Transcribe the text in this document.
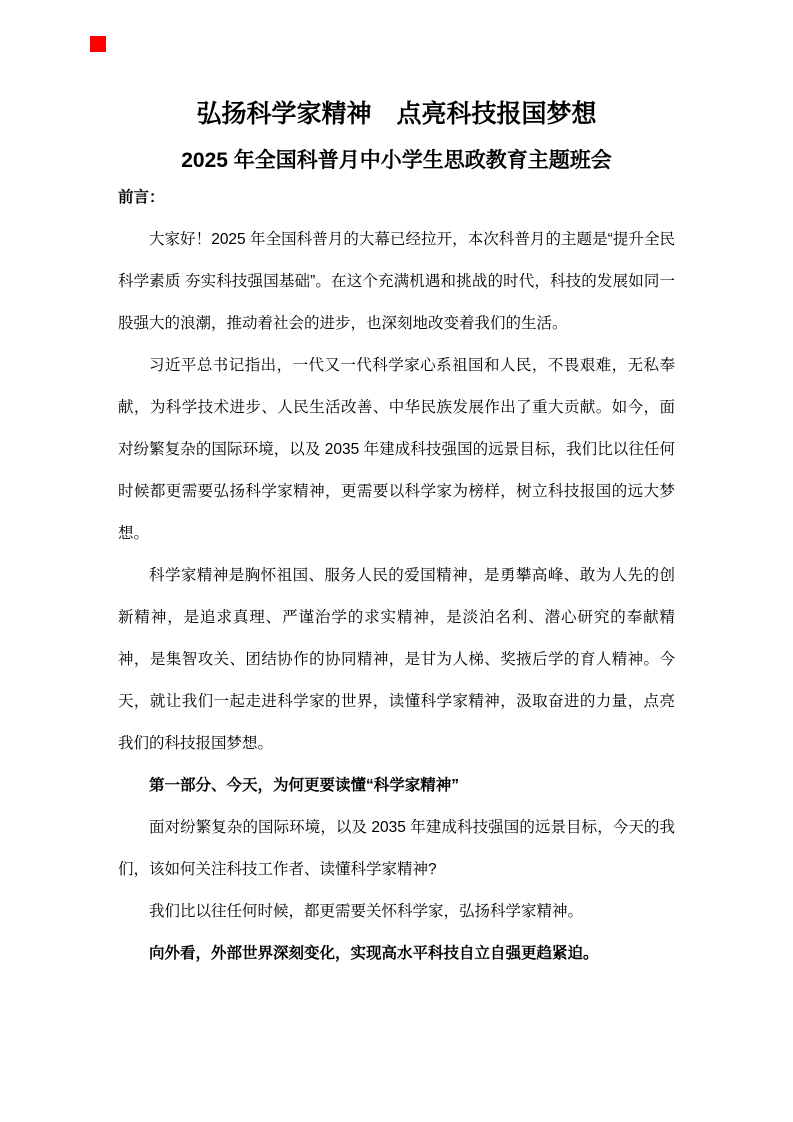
弘扬科学家精神　点亮科技报国梦想
2025 年全国科普月中小学生思政教育主题班会

前言：

大家好！2025 年全国科普月的大幕已经拉开，本次科普月的主题是“提升全民科学素质 夯实科技强国基础”。在这个充满机遇和挑战的时代，科技的发展如同一股强大的浪潮，推动着社会的进步，也深刻地改变着我们的生活。

习近平总书记指出，一代又一代科学家心系祖国和人民，不畏艰难，无私奉献，为科学技术进步、人民生活改善、中华民族发展作出了重大贡献。如今，面对纷繁复杂的国际环境，以及 2035 年建成科技强国的远景目标，我们比以往任何时候都更需要弘扬科学家精神，更需要以科学家为榜样，树立科技报国的远大梦想。

科学家精神是胸怀祖国、服务人民的爱国精神，是勇攀高峰、敢为人先的创新精神，是追求真理、严谨治学的求实精神，是淡泊名利、潜心研究的奉献精神，是集智攻关、团结协作的协同精神，是甘为人梯、奖掖后学的育人精神。今天，就让我们一起走进科学家的世界，读懂科学家精神，汲取奋进的力量，点亮我们的科技报国梦想。

第一部分、今天，为何更要读懂“科学家精神”

面对纷繁复杂的国际环境，以及 2035 年建成科技强国的远景目标，今天的我们，该如何关注科技工作者、读懂科学家精神?

我们比以往任何时候，都更需要关怀科学家，弘扬科学家精神。

向外看，外部世界深刻变化，实现高水平科技自立自强更趋紧迫。
